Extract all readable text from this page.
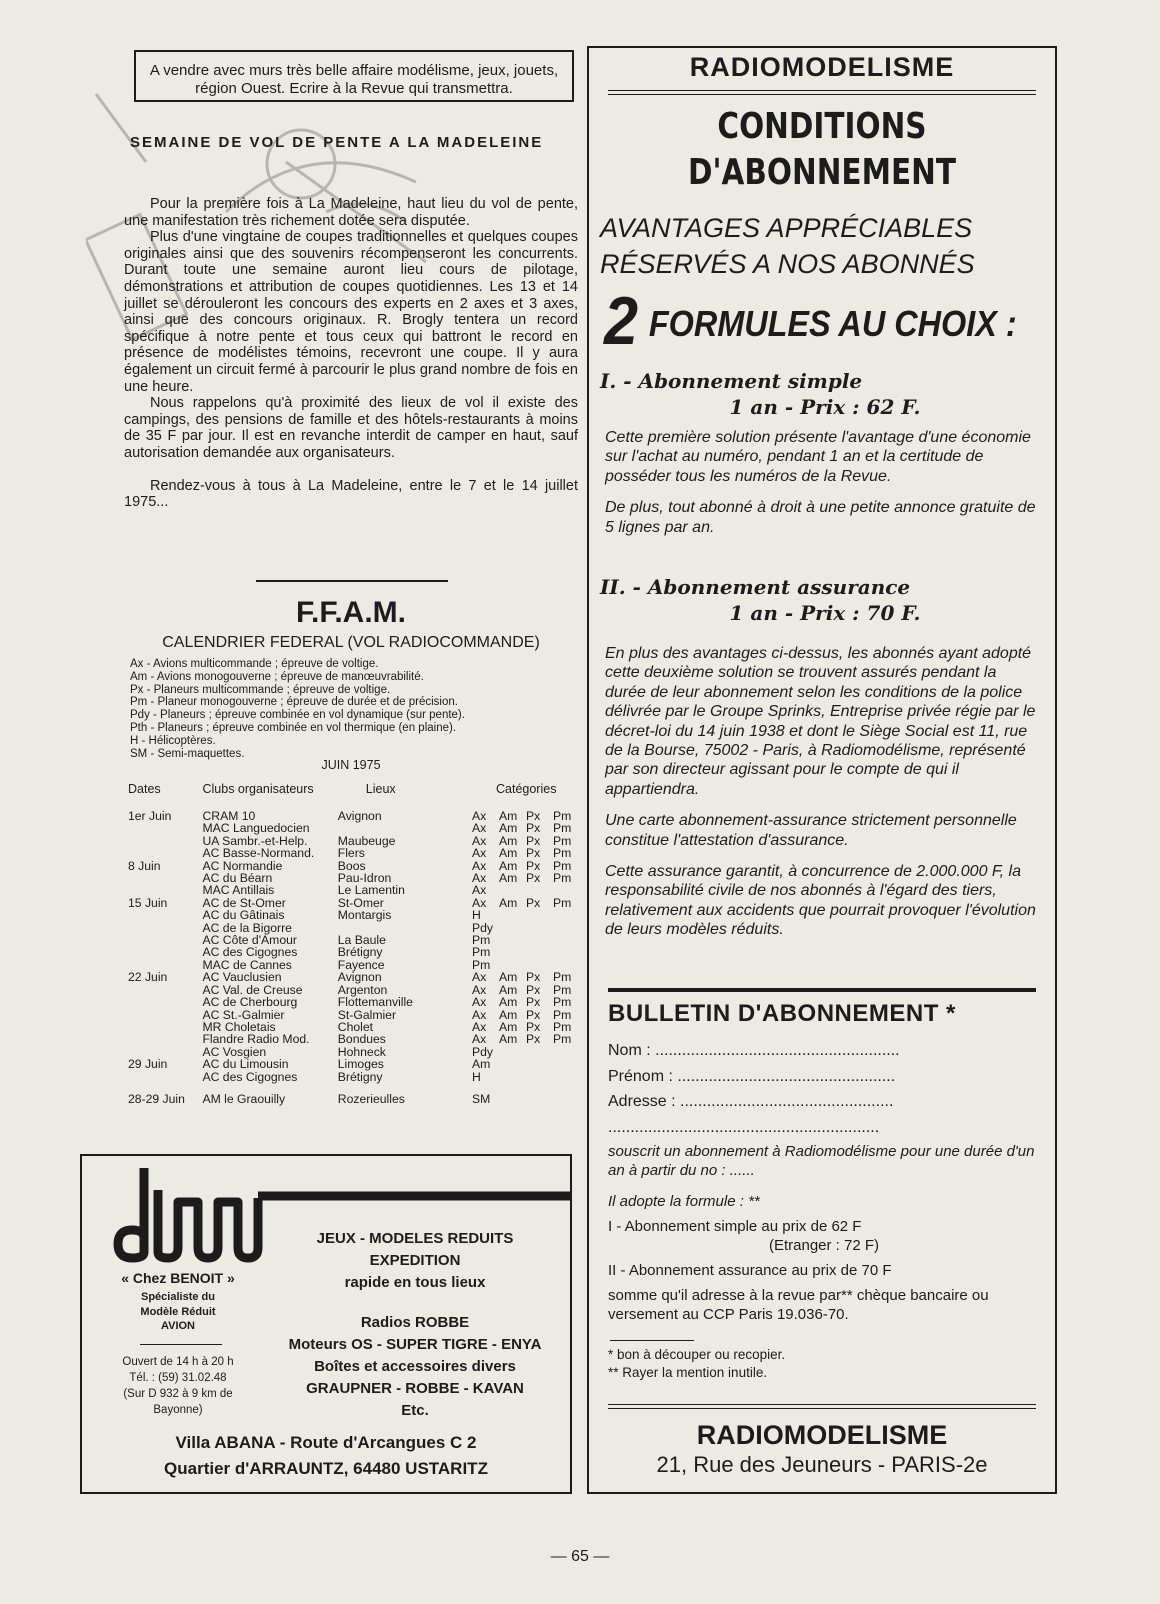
A vendre avec murs très belle affaire modélisme, jeux, jouets, région Ouest. Ecrire à la Revue qui transmettra.
SEMAINE DE VOL DE PENTE A LA MADELEINE

Pour la première fois à La Madeleine, haut lieu du vol de pente, une manifestation très richement dotée sera disputée.

Plus d'une vingtaine de coupes traditionnelles et quelques coupes originales ainsi que des souvenirs récompenseront les concurrents. Durant toute une semaine auront lieu cours de pilotage, démonstrations et attribution de coupes quotidiennes. Les 13 et 14 juillet se dérouleront les concours des experts en 2 axes et 3 axes, ainsi que des concours originaux. R. Brogly tentera un record spécifique à notre pente et tous ceux qui battront le record en présence de modélistes témoins, recevront une coupe. Il y aura également un circuit fermé à parcourir le plus grand nombre de fois en une heure.

Nous rappelons qu'à proximité des lieux de vol il existe des campings, des pensions de famille et des hôtels-restaurants à moins de 35 F par jour. Il est en revanche interdit de camper en haut, sauf autorisation demandée aux organisateurs.

Rendez-vous à tous à La Madeleine, entre le 7 et le 14 juillet 1975...

F.F.A.M.
CALENDRIER FEDERAL (VOL RADIOCOMMANDE)
Ax - Avions multicommande ; épreuve de voltige.
Am - Avions monogouverne ; épreuve de manœuvrabilité.
Px - Planeurs multicommande ; épreuve de voltige.
Pm - Planeur monogouverne ; épreuve de durée et de précision.
Pdy - Planeurs ; épreuve combinée en vol dynamique (sur pente).
Pth - Planeurs ; épreuve combinée en vol thermique (en plaine).
H - Hélicoptères.
SM - Semi-maquettes.
JUIN 1975
Dates	Clubs organisateurs	Lieux	Catégories
1er Juin	CRAM 10	Avignon	Ax Am Px Pm
	MAC Languedocien		Ax Am Px Pm
	UA Sambr.-et-Help.	Maubeuge	Ax Am Px Pm
	AC Basse-Normand.	Flers	Ax Am Px Pm
8 Juin	AC Normandie	Boos	Ax Am Px Pm
	AC du Béarn	Pau-Idron	Ax Am Px Pm
	MAC Antillais	Le Lamentin	Ax
15 Juin	AC de St-Omer	St-Omer	Ax Am Px Pm
	AC du Gâtinais	Montargis	H
	AC de la Bigorre		Pdy
	AC Côte d'Amour	La Baule	Pm
	AC des Cigognes	Brétigny	Pm
	MAC de Cannes	Fayence	Pm
22 Juin	AC Vauclusien	Avignon	Ax Am Px Pm
	AC Val. de Creuse	Argenton	Ax Am Px Pm
	AC de Cherbourg	Flottemanville	Ax Am Px Pm
	AC St.-Galmier	St-Galmier	Ax Am Px Pm
	MR Choletais	Cholet	Ax Am Px Pm
	Flandre Radio Mod.	Bondues	Ax Am Px Pm
	AC Vosgien	Hohneck	Pdy
29 Juin	AC du Limousin	Limoges	Am
	AC des Cigognes	Brétigny	H
28-29 Juin	AM le Graouilly	Rozerieulles	SM
« Chez BENOIT »
Spécialiste du
Modèle Réduit
AVION
Ouvert de 14 h à 20 h
Tél. : (59) 31.02.48
(Sur D 932 à 9 km de
Bayonne)
JEUX - MODELES REDUITS
EXPEDITION
rapide en tous lieux
Radios ROBBE
Moteurs OS - SUPER TIGRE - ENYA
Boîtes et accessoires divers
GRAUPNER - ROBBE - KAVAN
Etc.
Villa ABANA - Route d'Arcangues C 2
Quartier d'ARRAUNTZ, 64480 USTARITZ
RADIOMODELISME
CONDITIONS
D'ABONNEMENT
AVANTAGES APPRÉCIABLES
RÉSERVÉS A NOS ABONNÉS
2 FORMULES AU CHOIX :
I. - Abonnement simple
1 an - Prix : 62 F.

Cette première solution présente l'avantage d'une économie sur l'achat au numéro, pendant 1 an et la certitude de posséder tous les numéros de la Revue.

De plus, tout abonné à droit à une petite annonce gratuite de 5 lignes par an.

II. - Abonnement assurance
1 an - Prix : 70 F.

En plus des avantages ci-dessus, les abonnés ayant adopté cette deuxième solution se trouvent assurés pendant la durée de leur abonnement selon les conditions de la police délivrée par le Groupe Sprinks, Entreprise privée régie par le décret-loi du 14 juin 1938 et dont le Siège Social est 11, rue de la Bourse, 75002 - Paris, à Radiomodélisme, représenté par son directeur agissant pour le compte de qui il appartiendra.

Une carte abonnement-assurance strictement personnelle constitue l'attestation d'assurance.

Cette assurance garantit, à concurrence de 2.000.000 F, la responsabilité civile de nos abonnés à l'égard des tiers, relativement aux accidents que pourrait provoquer l'évolution de leurs modèles réduits.

BULLETIN D'ABONNEMENT *
Nom : .......................................................
Prénom : .................................................
Adresse : ................................................
.............................................................
souscrit un abonnement à Radiomodélisme pour une durée d'un an à partir du no : ......
Il adopte la formule : **
I - Abonnement simple au prix de 62 F
(Etranger : 72 F)
II - Abonnement assurance au prix de 70 F
somme qu'il adresse à la revue par** chèque bancaire ou versement au CCP Paris 19.036-70.
* bon à découper ou recopier.
** Rayer la mention inutile.
RADIOMODELISME
21, Rue des Jeuneurs - PARIS-2e
— 65 —
